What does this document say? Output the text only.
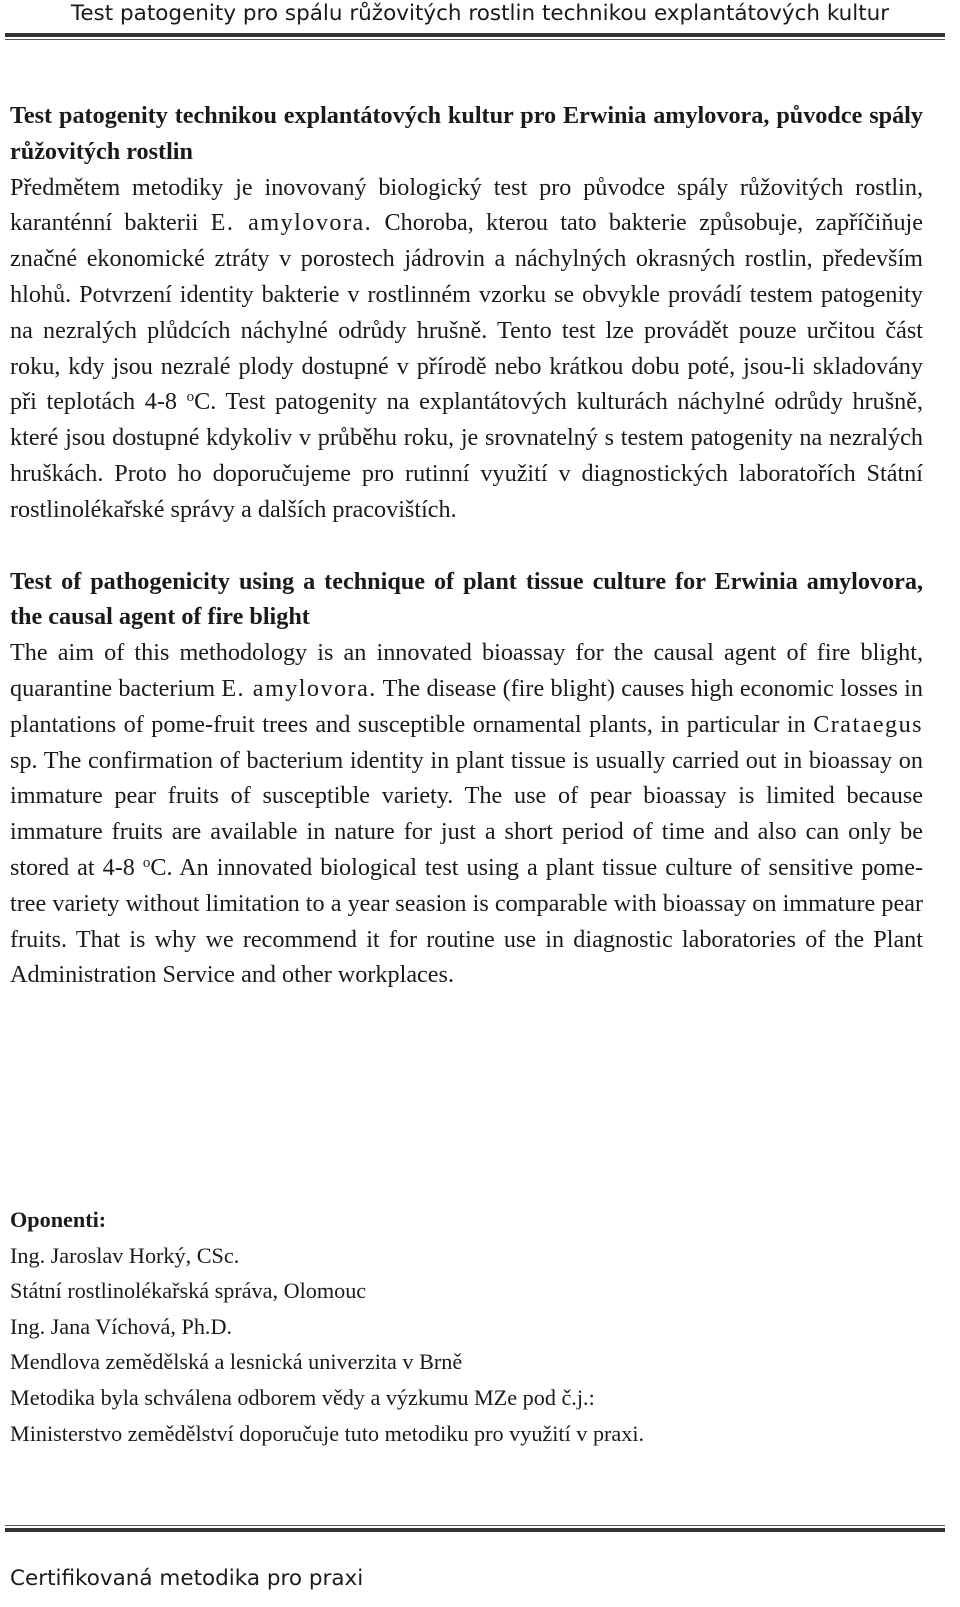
Test patogenity pro spálu růžovitých rostlin technikou explantátových kultur

Test patogenity technikou explantátových kultur pro Erwinia amylovora, původce spály růžovitých rostlin

Předmětem metodiky je inovovaný biologický test pro původce spály růžovitých rostlin, karanténní bakterii E. amylovora. Choroba, kterou tato bakterie způsobuje, zapříčiňuje značné ekonomické ztráty v porostech jádrovin a náchylných okrasných rostlin, především hlohů. Potvrzení identity bakterie v rostlinném vzorku se obvykle provádí testem patogenity na nezralých plůdcích náchylné odrůdy hrušně. Tento test lze provádět pouze určitou část roku, kdy jsou nezralé plody dostupné v přírodě nebo krátkou dobu poté, jsou-li skladovány při teplotách 4-8 $^o$C. Test patogenity na explantátových kulturách náchylné odrůdy hrušně, které jsou dostupné kdykoliv v průběhu roku, je srovnatelný s testem patogenity na nezralých hruškách. Proto ho doporučujeme pro rutinní využití v diagnostických laboratořích Státní rostlinolékařské správy a dalších pracovištích.

Test of pathogenicity using a technique of plant tissue culture for Erwinia amylovora, the causal agent of fire blight

The aim of this methodology is an innovated bioassay for the causal agent of fire blight, quarantine bacterium E. amylovora. The disease (fire blight) causes high economic losses in plantations of pome-fruit trees and susceptible ornamental plants, in particular in Crataegus sp. The confirmation of bacterium identity in plant tissue is usually carried out in bioassay on immature pear fruits of susceptible variety. The use of pear bioassay is limited because immature fruits are available in nature for just a short period of time and also can only be stored at 4-8 $^o$C. An innovated biological test using a plant tissue culture of sensitive pome-tree variety without limitation to a year seasion is comparable with bioassay on immature pear fruits. That is why we recommend it for routine use in diagnostic laboratories of the Plant Administration Service and other workplaces.

Oponenti:

Ing. Jaroslav Horký, CSc.

Státní rostlinolékařská správa, Olomouc

Ing. Jana Víchová, Ph.D.

Mendlova zemědělská a lesnická univerzita v Brně

Metodika byla schválena odborem vědy a výzkumu MZe pod č.j.:

Ministerstvo zemědělství doporučuje tuto metodiku pro využití v praxi.

Certifikovaná metodika pro praxi
